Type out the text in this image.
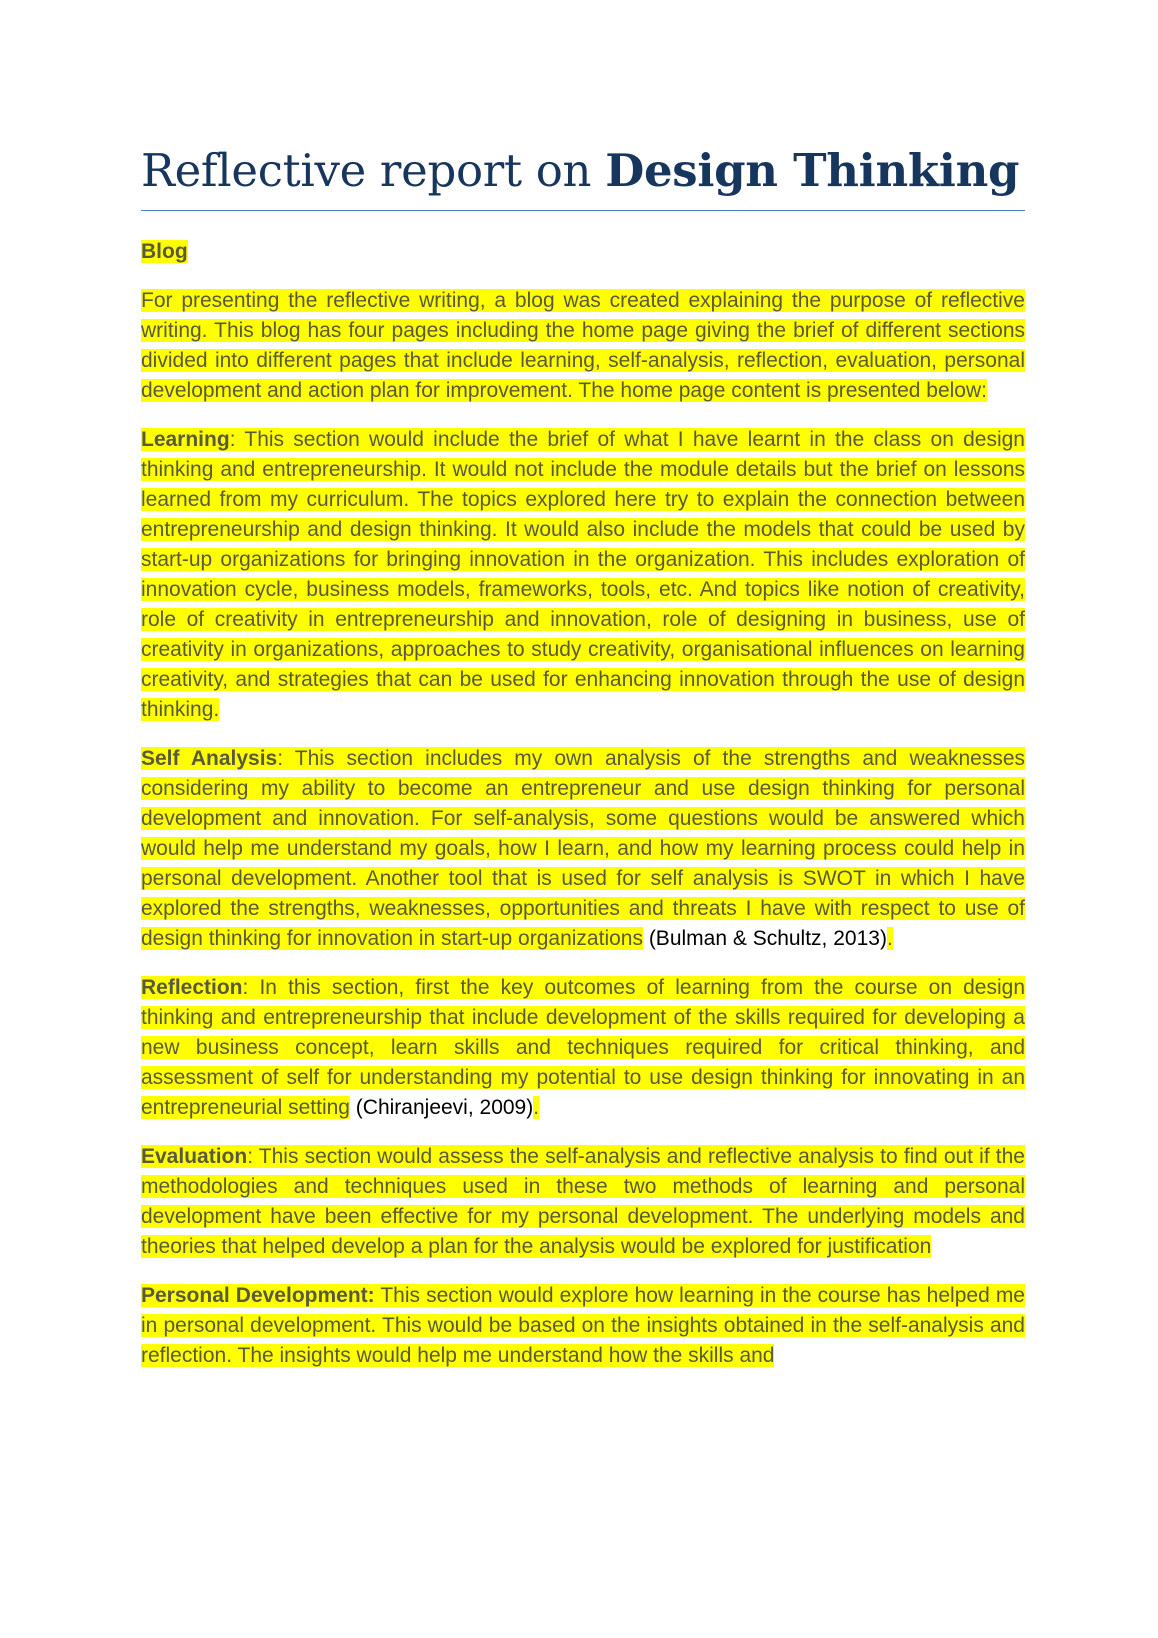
Reflective report on Design Thinking
Blog

For presenting the reflective writing, a blog was created explaining the purpose of reflective writing. This blog has four pages including the home page giving the brief of different sections divided into different pages that include learning, self-analysis, reflection, evaluation, personal development and action plan for improvement. The home page content is presented below:

Learning: This section would include the brief of what I have learnt in the class on design thinking and entrepreneurship. It would not include the module details but the brief on lessons learned from my curriculum. The topics explored here try to explain the connection between entrepreneurship and design thinking. It would also include the models that could be used by start-up organizations for bringing innovation in the organization. This includes exploration of innovation cycle, business models, frameworks, tools, etc. And topics like notion of creativity, role of creativity in entrepreneurship and innovation, role of designing in business, use of creativity in organizations, approaches to study creativity, organisational influences on learning creativity, and strategies that can be used for enhancing innovation through the use of design thinking.

Self Analysis: This section includes my own analysis of the strengths and weaknesses considering my ability to become an entrepreneur and use design thinking for personal development and innovation. For self-analysis, some questions would be answered which would help me understand my goals, how I learn, and how my learning process could help in personal development. Another tool that is used for self analysis is SWOT in which I have explored the strengths, weaknesses, opportunities and threats I have with respect to use of design thinking for innovation in start-up organizations (Bulman & Schultz, 2013).

Reflection: In this section, first the key outcomes of learning from the course on design thinking and entrepreneurship that include development of the skills required for developing a new business concept, learn skills and techniques required for critical thinking, and assessment of self for understanding my potential to use design thinking for innovating in an entrepreneurial setting (Chiranjeevi, 2009).

Evaluation: This section would assess the self-analysis and reflective analysis to find out if the methodologies and techniques used in these two methods of learning and personal development have been effective for my personal development. The underlying models and theories that helped develop a plan for the analysis would be explored for justification

Personal Development: This section would explore how learning in the course has helped me in personal development. This would be based on the insights obtained in the self-analysis and reflection. The insights would help me understand how the skills and
